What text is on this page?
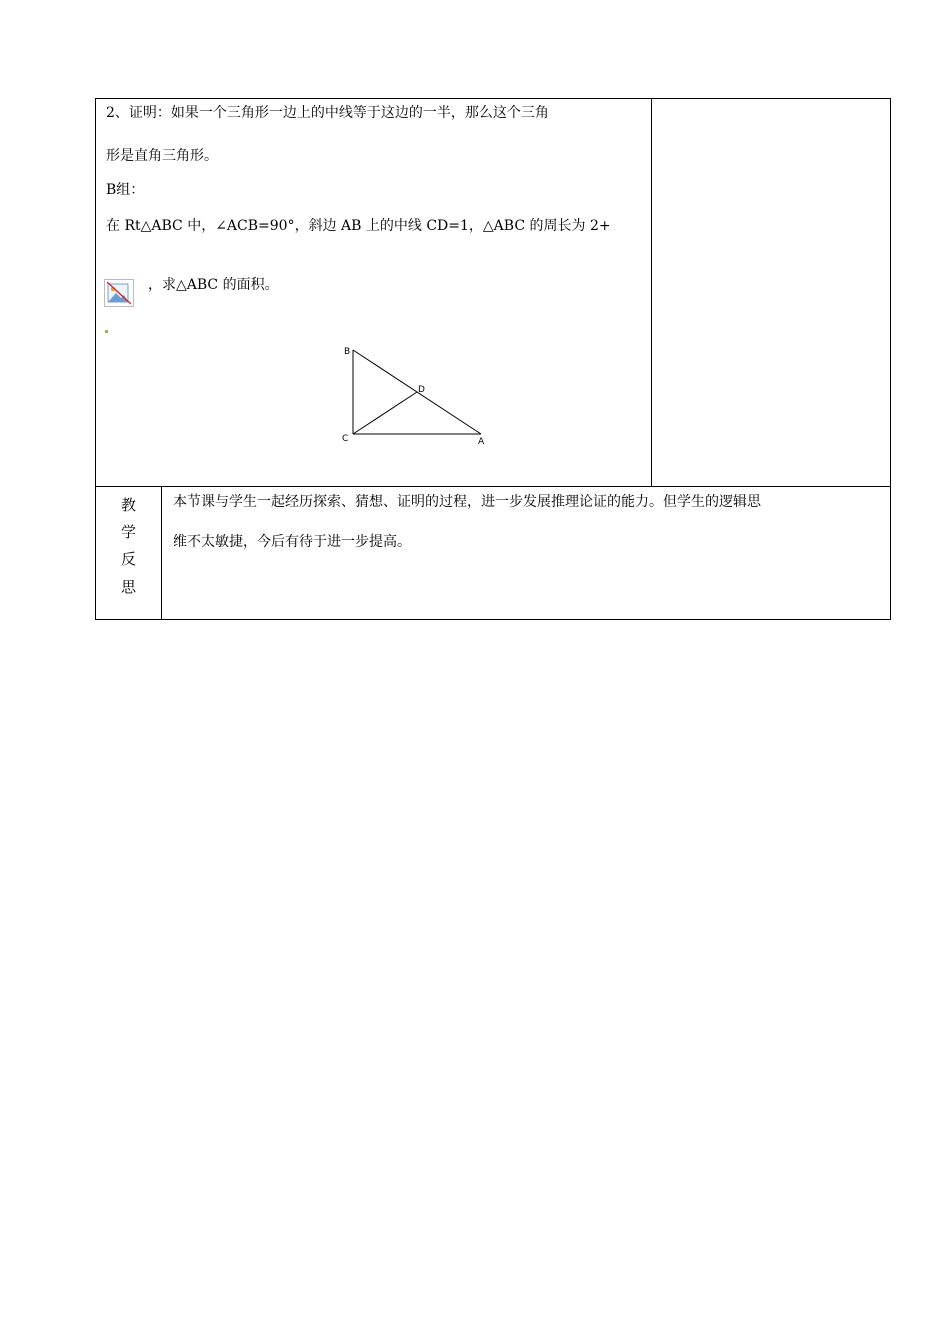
2、证明：如果一个三角形一边上的中线等于这边的一半，那么这个三角
形是直角三角形。
B组：
在 Rt△ABC 中，∠ACB=90°，斜边 AB 上的中线 CD=1，△ABC 的周长为 2+
，求△ABC 的面积。
B
C
D
A
教
学
反
思
本节课与学生一起经历探索、猜想、证明的过程，进一步发展推理论证的能力。但学生的逻辑思
维不太敏捷，今后有待于进一步提高。
